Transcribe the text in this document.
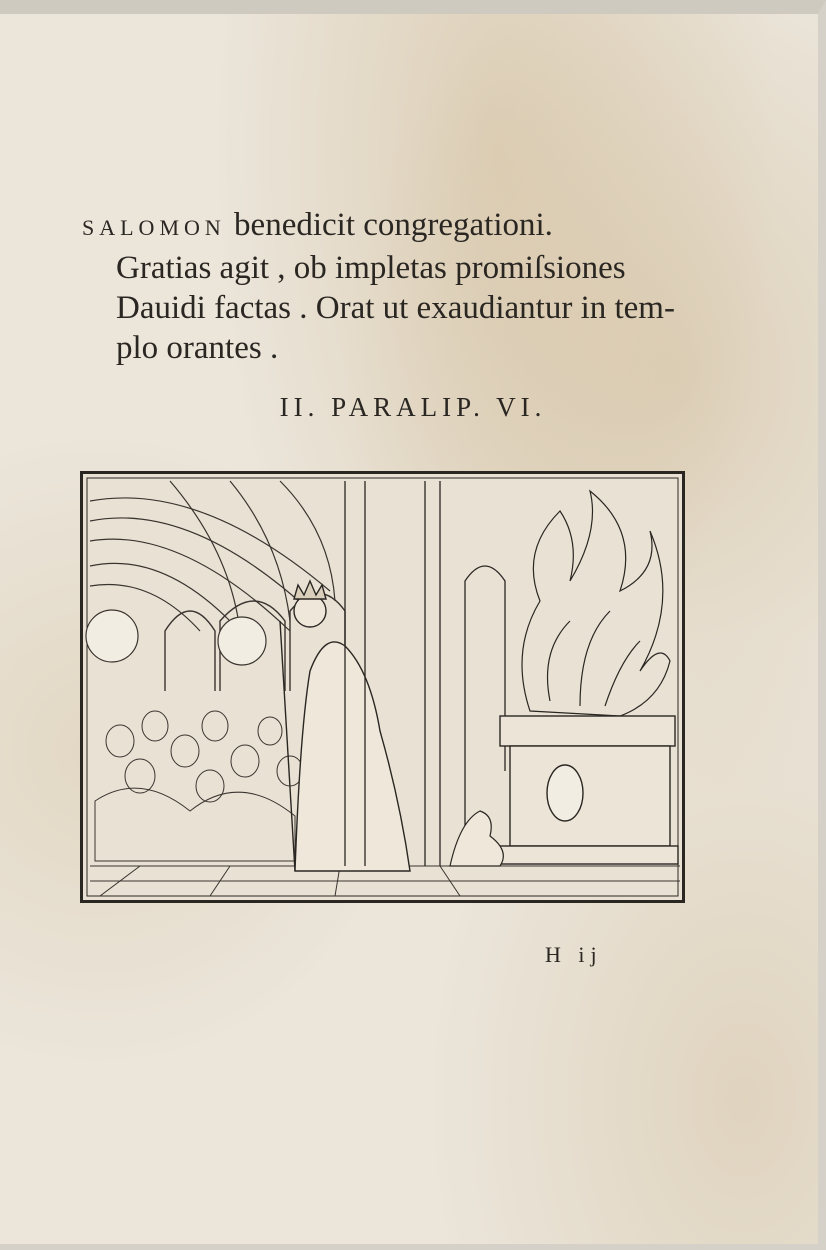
SALOMON benedicit congregationi.
Gratias agit , ob impletas promiſsiones
Dauidi factas . Orat ut exaudiantur in tem-
plo orantes .
II. PARALIP. VI.
H ij
